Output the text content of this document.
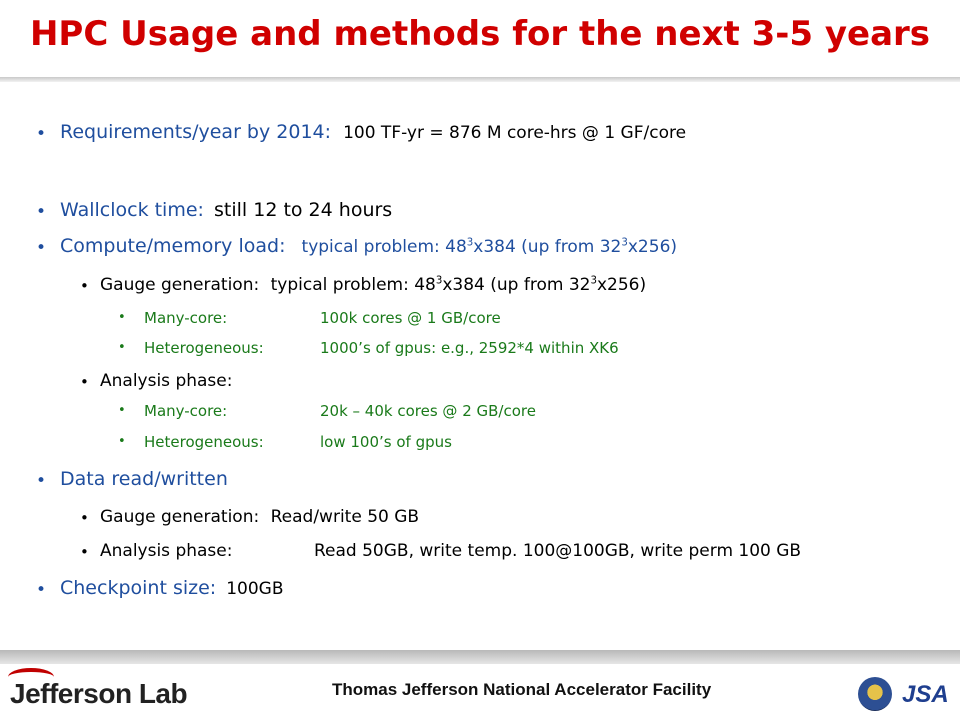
HPC Usage and methods for the next 3-5 years
• Requirements/year by 2014: 100 TF-yr = 876 M core-hrs @ 1 GF/core
• Wallclock time: still 12 to 24 hours
• Compute/memory load: typical problem: $48^3x384$ (up from $32^3x256$)
• Gauge generation: typical problem: $48^3x384$ (up from $32^3x256$)
• Many-core:	100k cores @ 1 GB/core
• Heterogeneous:	1000’s of gpus: e.g., 2592*4 within XK6
• Analysis phase:
• Many-core:	20k – 40k cores @ 2 GB/core
• Heterogeneous:	low 100’s of gpus
• Data read/written
• Gauge generation: Read/write 50 GB
• Analysis phase:	Read 50GB, write temp. 100@100GB, write perm 100 GB
• Checkpoint size: 100GB
Jefferson Lab	Thomas Jefferson National Accelerator Facility	JSA
